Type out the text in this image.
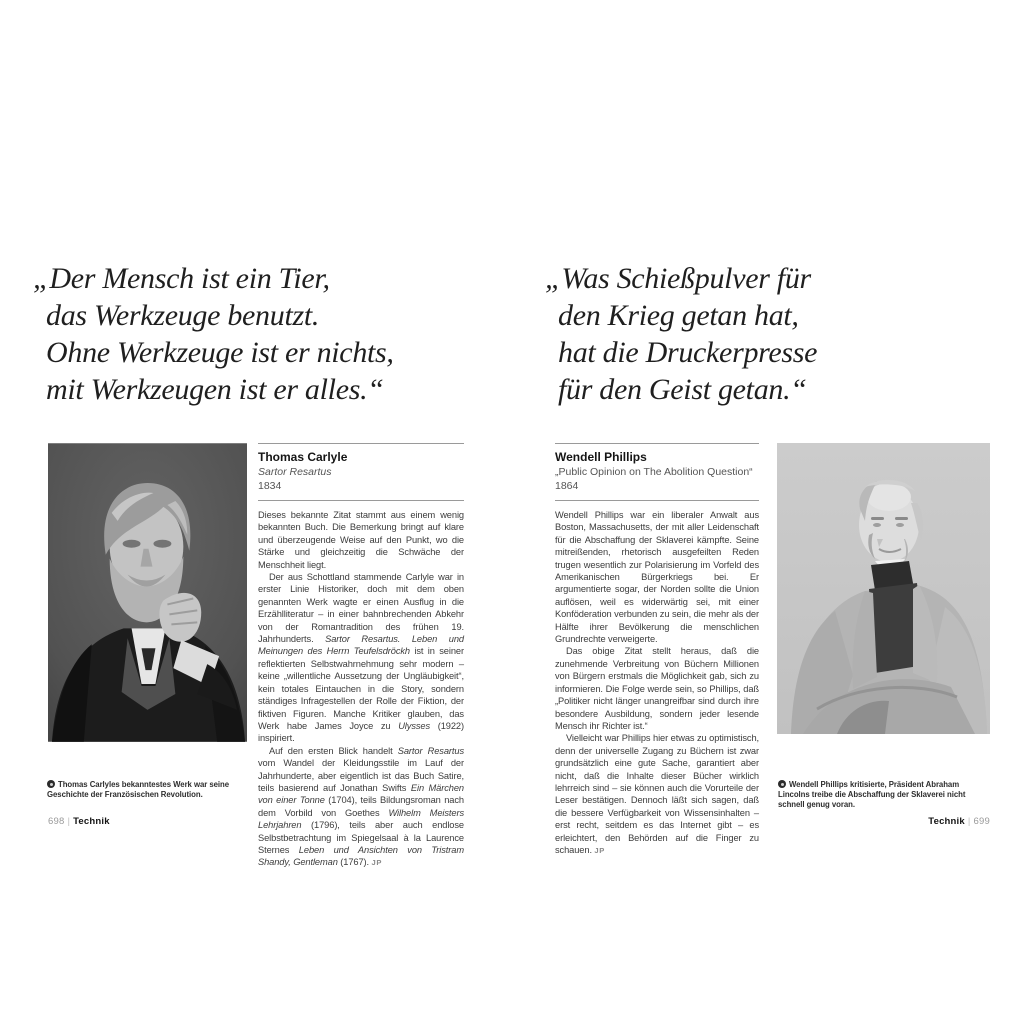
„Der Mensch ist ein Tier,
das Werkzeuge benutzt.
Ohne Werkzeuge ist er nichts,
mit Werkzeugen ist er alles.“
Thomas Carlyle
Sartor Resartus
1834

Dieses bekannte Zitat stammt aus einem wenig bekannten Buch. Die Bemerkung bringt auf klare und überzeugende Weise auf den Punkt, wo die Stärke und gleichzeitig die Schwäche der Menschheit liegt.

Der aus Schottland stammende Carlyle war in erster Linie Historiker, doch mit dem oben genannten Werk wagte er einen Ausflug in die Erzählliteratur – in einer bahnbrechenden Abkehr von der Romantradition des frühen 19. Jahrhunderts. Sartor Resartus. Leben und Meinungen des Herrn Teufelsdröckh ist in seiner reflektierten Selbstwahrnehmung sehr modern – keine „willentliche Aussetzung der Ungläubigkeit“, kein totales Eintauchen in die Story, sondern ständiges Infragestellen der Rolle der Fiktion, der fiktiven Figuren. Manche Kritiker glauben, das Werk habe James Joyce zu Ulysses (1922) inspiriert.

Auf den ersten Blick handelt Sartor Resartus vom Wandel der Kleidungsstile im Lauf der Jahrhunderte, aber eigentlich ist das Buch Satire, teils basierend auf Jonathan Swifts Ein Märchen von einer Tonne (1704), teils Bildungsroman nach dem Vorbild von Goethes Wilhelm Meisters Lehrjahren (1796), teils aber auch endlose Selbstbetrachtung im Spiegelsaal à la Laurence Sternes Leben und Ansichten von Tristram Shandy, Gentleman (1767). JP

Thomas Carlyles bekanntestes Werk war seine Geschichte der Französischen Revolution.
698 | Technik
„Was Schießpulver für
den Krieg getan hat,
hat die Druckerpresse
für den Geist getan.“
Wendell Phillips
„Public Opinion on The Abolition Question“
1864

Wendell Phillips war ein liberaler Anwalt aus Boston, Massachusetts, der mit aller Leidenschaft für die Abschaffung der Sklaverei kämpfte. Seine mitreißenden, rhetorisch ausgefeilten Reden trugen wesentlich zur Polarisierung im Vorfeld des Amerikanischen Bürgerkriegs bei. Er argumentierte sogar, der Norden sollte die Union auflösen, weil es widerwärtig sei, mit einer Konföderation verbunden zu sein, die mehr als der Hälfte ihrer Bevölkerung die menschlichen Grundrechte verweigerte.

Das obige Zitat stellt heraus, daß die zunehmende Verbreitung von Büchern Millionen von Bürgern erstmals die Möglichkeit gab, sich zu informieren. Die Folge werde sein, so Phillips, daß „Politiker nicht länger unangreifbar sind durch ihre besondere Ausbildung, sondern jeder lesende Mensch ihr Richter ist.“

Vielleicht war Phillips hier etwas zu optimistisch, denn der universelle Zugang zu Büchern ist zwar grundsätzlich eine gute Sache, garantiert aber nicht, daß die Inhalte dieser Bücher wirklich lehrreich sind – sie können auch die Vorurteile der Leser bestätigen. Dennoch läßt sich sagen, daß die bessere Verfügbarkeit von Wissensinhalten – erst recht, seitdem es das Internet gibt – es erleichtert, den Behörden auf die Finger zu schauen. JP

Wendell Phillips kritisierte, Präsident Abraham Lincolns treibe die Abschaffung der Sklaverei nicht schnell genug voran.
Technik | 699
